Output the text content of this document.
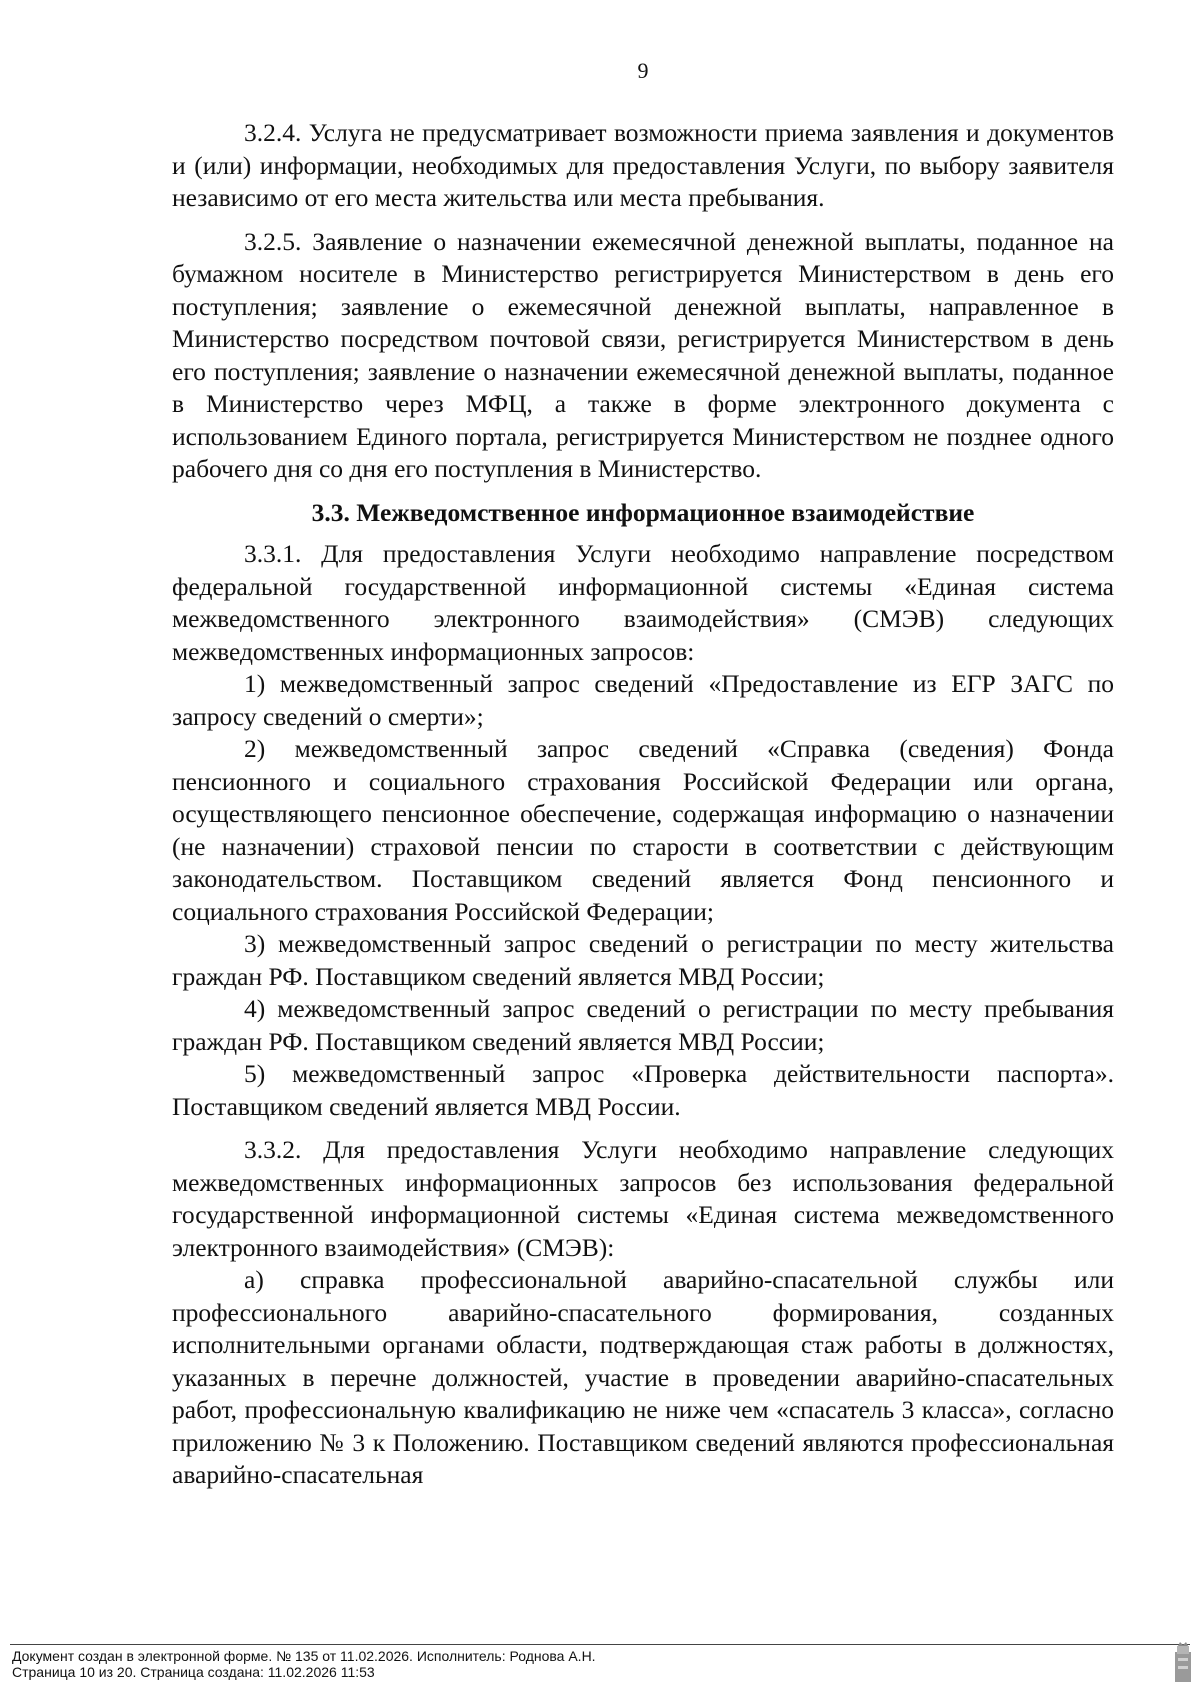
9

3.2.4. Услуга не предусматривает возможности приема заявления и документов и (или) информации, необходимых для предоставления Услуги, по выбору заявителя независимо от его места жительства или места пребывания.

3.2.5. Заявление о назначении ежемесячной денежной выплаты, поданное на бумажном носителе в Министерство регистрируется Министерством в день его поступления; заявление о ежемесячной денежной выплаты, направленное в Министерство посредством почтовой связи, регистрируется Министерством в день его поступления; заявление о назначении ежемесячной денежной выплаты, поданное в Министерство через МФЦ, а также в форме электронного документа с использованием Единого портала, регистрируется Министерством не позднее одного рабочего дня со дня его поступления в Министерство.

3.3. Межведомственное информационное взаимодействие

3.3.1. Для предоставления Услуги необходимо направление посредством федеральной государственной информационной системы «Единая система межведомственного электронного взаимодействия» (СМЭВ) следующих межведомственных информационных запросов:

1) межведомственный запрос сведений «Предоставление из ЕГР ЗАГС по запросу сведений о смерти»;

2) межведомственный запрос сведений «Справка (сведения) Фонда пенсионного и социального страхования Российской Федерации или органа, осуществляющего пенсионное обеспечение, содержащая информацию о назначении (не назначении) страховой пенсии по старости в соответствии с действующим законодательством. Поставщиком сведений является Фонд пенсионного и социального страхования Российской Федерации;

3) межведомственный запрос сведений о регистрации по месту жительства граждан РФ. Поставщиком сведений является МВД России;

4) межведомственный запрос сведений о регистрации по месту пребывания граждан РФ. Поставщиком сведений является МВД России;

5) межведомственный запрос «Проверка действительности паспорта». Поставщиком сведений является МВД России.

3.3.2. Для предоставления Услуги необходимо направление следующих межведомственных информационных запросов без использования федеральной государственной информационной системы «Единая система межведомственного электронного взаимодействия» (СМЭВ):

а) справка профессиональной аварийно-спасательной службы или профессионального аварийно-спасательного формирования, созданных исполнительными органами области, подтверждающая стаж работы в должностях, указанных в перечне должностей, участие в проведении аварийно-спасательных работ, профессиональную квалификацию не ниже чем «спасатель 3 класса», согласно приложению № 3 к Положению. Поставщиком сведений являются профессиональная аварийно-спасательная

Документ создан в электронной форме. № 135 от 11.02.2026. Исполнитель: Роднова А.Н.
Страница 10 из 20. Страница создана: 11.02.2026 11:53
